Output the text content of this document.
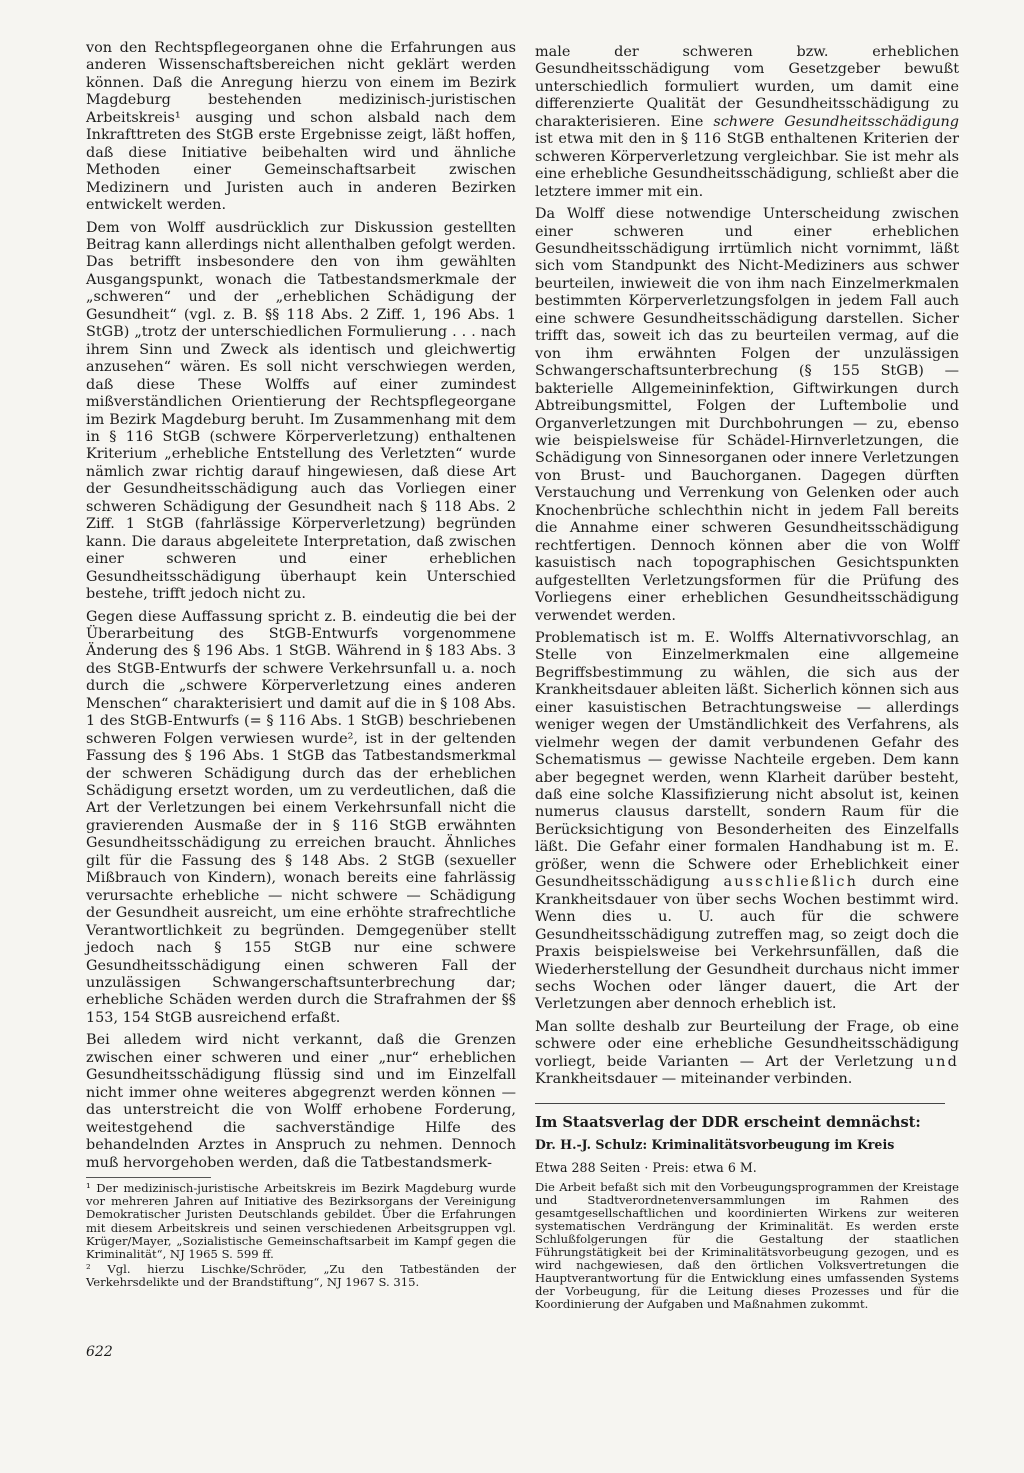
von den Rechtspflegeorganen ohne die Erfahrungen aus anderen Wissenschaftsbereichen nicht geklärt werden können. Daß die Anregung hierzu von einem im Bezirk Magdeburg bestehenden medizinisch-juristischen Arbeitskreis¹ ausging und schon alsbald nach dem Inkrafttreten des StGB erste Ergebnisse zeigt, läßt hoffen, daß diese Initiative beibehalten wird und ähnliche Methoden einer Gemeinschaftsarbeit zwischen Medizinern und Juristen auch in anderen Bezirken entwickelt werden.

Dem von Wolff ausdrücklich zur Diskussion gestellten Beitrag kann allerdings nicht allenthalben gefolgt werden. Das betrifft insbesondere den von ihm gewählten Ausgangspunkt, wonach die Tatbestandsmerkmale der „schweren“ und der „erheblichen Schädigung der Gesundheit“ (vgl. z. B. §§ 118 Abs. 2 Ziff. 1, 196 Abs. 1 StGB) „trotz der unterschiedlichen Formulierung . . . nach ihrem Sinn und Zweck als identisch und gleichwertig anzusehen“ wären. Es soll nicht verschwiegen werden, daß diese These Wolffs auf einer zumindest mißverständlichen Orientierung der Rechtspflegeorgane im Bezirk Magdeburg beruht. Im Zusammenhang mit dem in § 116 StGB (schwere Körperverletzung) enthaltenen Kriterium „erhebliche Entstellung des Verletzten“ wurde nämlich zwar richtig darauf hingewiesen, daß diese Art der Gesundheitsschädigung auch das Vorliegen einer schweren Schädigung der Gesundheit nach § 118 Abs. 2 Ziff. 1 StGB (fahrlässige Körperverletzung) begründen kann. Die daraus abgeleitete Interpretation, daß zwischen einer schweren und einer erheblichen Gesundheitsschädigung überhaupt kein Unterschied bestehe, trifft jedoch nicht zu.

Gegen diese Auffassung spricht z. B. eindeutig die bei der Überarbeitung des StGB-Entwurfs vorgenommene Änderung des § 196 Abs. 1 StGB. Während in § 183 Abs. 3 des StGB-Entwurfs der schwere Verkehrsunfall u. a. noch durch die „schwere Körperverletzung eines anderen Menschen“ charakterisiert und damit auf die in § 108 Abs. 1 des StGB-Entwurfs (= § 116 Abs. 1 StGB) beschriebenen schweren Folgen verwiesen wurde², ist in der geltenden Fassung des § 196 Abs. 1 StGB das Tatbestandsmerkmal der schweren Schädigung durch das der erheblichen Schädigung ersetzt worden, um zu verdeutlichen, daß die Art der Verletzungen bei einem Verkehrsunfall nicht die gravierenden Ausmaße der in § 116 StGB erwähnten Gesundheitsschädigung zu erreichen braucht. Ähnliches gilt für die Fassung des § 148 Abs. 2 StGB (sexueller Mißbrauch von Kindern), wonach bereits eine fahrlässig verursachte erhebliche — nicht schwere — Schädigung der Gesundheit ausreicht, um eine erhöhte strafrechtliche Verantwortlichkeit zu begründen. Demgegenüber stellt jedoch nach § 155 StGB nur eine schwere Gesundheitsschädigung einen schweren Fall der unzulässigen Schwangerschaftsunterbrechung dar; erhebliche Schäden werden durch die Strafrahmen der §§ 153, 154 StGB ausreichend erfaßt.

Bei alledem wird nicht verkannt, daß die Grenzen zwischen einer schweren und einer „nur“ erheblichen Gesundheitsschädigung flüssig sind und im Einzelfall nicht immer ohne weiteres abgegrenzt werden können — das unterstreicht die von Wolff erhobene Forderung, weitestgehend die sachverständige Hilfe des behandelnden Arztes in Anspruch zu nehmen. Dennoch muß hervorgehoben werden, daß die Tatbestandsmerk-

¹ Der medizinisch-juristische Arbeitskreis im Bezirk Magdeburg wurde vor mehreren Jahren auf Initiative des Bezirksorgans der Vereinigung Demokratischer Juristen Deutschlands gebildet. Über die Erfahrungen mit diesem Arbeitskreis und seinen verschiedenen Arbeitsgruppen vgl. Krüger/Mayer, „Sozialistische Gemeinschaftsarbeit im Kampf gegen die Kriminalität“, NJ 1965 S. 599 ff.

² Vgl. hierzu Lischke/Schröder, „Zu den Tatbeständen der Verkehrsdelikte und der Brandstiftung“, NJ 1967 S. 315.

622

male der schweren bzw. erheblichen Gesundheitsschädigung vom Gesetzgeber bewußt unterschiedlich formuliert wurden, um damit eine differenzierte Qualität der Gesundheitsschädigung zu charakterisieren. Eine schwere Gesundheitsschädigung ist etwa mit den in § 116 StGB enthaltenen Kriterien der schweren Körperverletzung vergleichbar. Sie ist mehr als eine erhebliche Gesundheitsschädigung, schließt aber die letztere immer mit ein.

Da Wolff diese notwendige Unterscheidung zwischen einer schweren und einer erheblichen Gesundheitsschädigung irrtümlich nicht vornimmt, läßt sich vom Standpunkt des Nicht-Mediziners aus schwer beurteilen, inwieweit die von ihm nach Einzelmerkmalen bestimmten Körperverletzungsfolgen in jedem Fall auch eine schwere Gesundheitsschädigung darstellen. Sicher trifft das, soweit ich das zu beurteilen vermag, auf die von ihm erwähnten Folgen der unzulässigen Schwangerschaftsunterbrechung (§ 155 StGB) — bakterielle Allgemeininfektion, Giftwirkungen durch Abtreibungsmittel, Folgen der Luftembolie und Organverletzungen mit Durchbohrungen — zu, ebenso wie beispielsweise für Schädel-Hirnverletzungen, die Schädigung von Sinnesorganen oder innere Verletzungen von Brust- und Bauchorganen. Dagegen dürften Verstauchung und Verrenkung von Gelenken oder auch Knochenbrüche schlechthin nicht in jedem Fall bereits die Annahme einer schweren Gesundheitsschädigung rechtfertigen. Dennoch können aber die von Wolff kasuistisch nach topographischen Gesichtspunkten aufgestellten Verletzungsformen für die Prüfung des Vorliegens einer erheblichen Gesundheitsschädigung verwendet werden.

Problematisch ist m. E. Wolffs Alternativvorschlag, an Stelle von Einzelmerkmalen eine allgemeine Begriffsbestimmung zu wählen, die sich aus der Krankheitsdauer ableiten läßt. Sicherlich können sich aus einer kasuistischen Betrachtungsweise — allerdings weniger wegen der Umständlichkeit des Verfahrens, als vielmehr wegen der damit verbundenen Gefahr des Schematismus — gewisse Nachteile ergeben. Dem kann aber begegnet werden, wenn Klarheit darüber besteht, daß eine solche Klassifizierung nicht absolut ist, keinen numerus clausus darstellt, sondern Raum für die Berücksichtigung von Besonderheiten des Einzelfalls läßt. Die Gefahr einer formalen Handhabung ist m. E. größer, wenn die Schwere oder Erheblichkeit einer Gesundheitsschädigung ausschließlich durch eine Krankheitsdauer von über sechs Wochen bestimmt wird. Wenn dies u. U. auch für die schwere Gesundheitsschädigung zutreffen mag, so zeigt doch die Praxis beispielsweise bei Verkehrsunfällen, daß die Wiederherstellung der Gesundheit durchaus nicht immer sechs Wochen oder länger dauert, die Art der Verletzungen aber dennoch erheblich ist.

Man sollte deshalb zur Beurteilung der Frage, ob eine schwere oder eine erhebliche Gesundheitsschädigung vorliegt, beide Varianten — Art der Verletzung und Krankheitsdauer — miteinander verbinden.

Im Staatsverlag der DDR erscheint demnächst:

Dr. H.-J. Schulz: Kriminalitätsvorbeugung im Kreis

Etwa 288 Seiten · Preis: etwa 6 M.

Die Arbeit befaßt sich mit den Vorbeugungsprogrammen der Kreistage und Stadtverordnetenversammlungen im Rahmen des gesamtgesellschaftlichen und koordinierten Wirkens zur weiteren systematischen Verdrängung der Kriminalität. Es werden erste Schlußfolgerungen für die Gestaltung der staatlichen Führungstätigkeit bei der Kriminalitätsvorbeugung gezogen, und es wird nachgewiesen, daß den örtlichen Volksvertretungen die Hauptverantwortung für die Entwicklung eines umfassenden Systems der Vorbeugung, für die Leitung dieses Prozesses und für die Koordinierung der Aufgaben und Maßnahmen zukommt.
